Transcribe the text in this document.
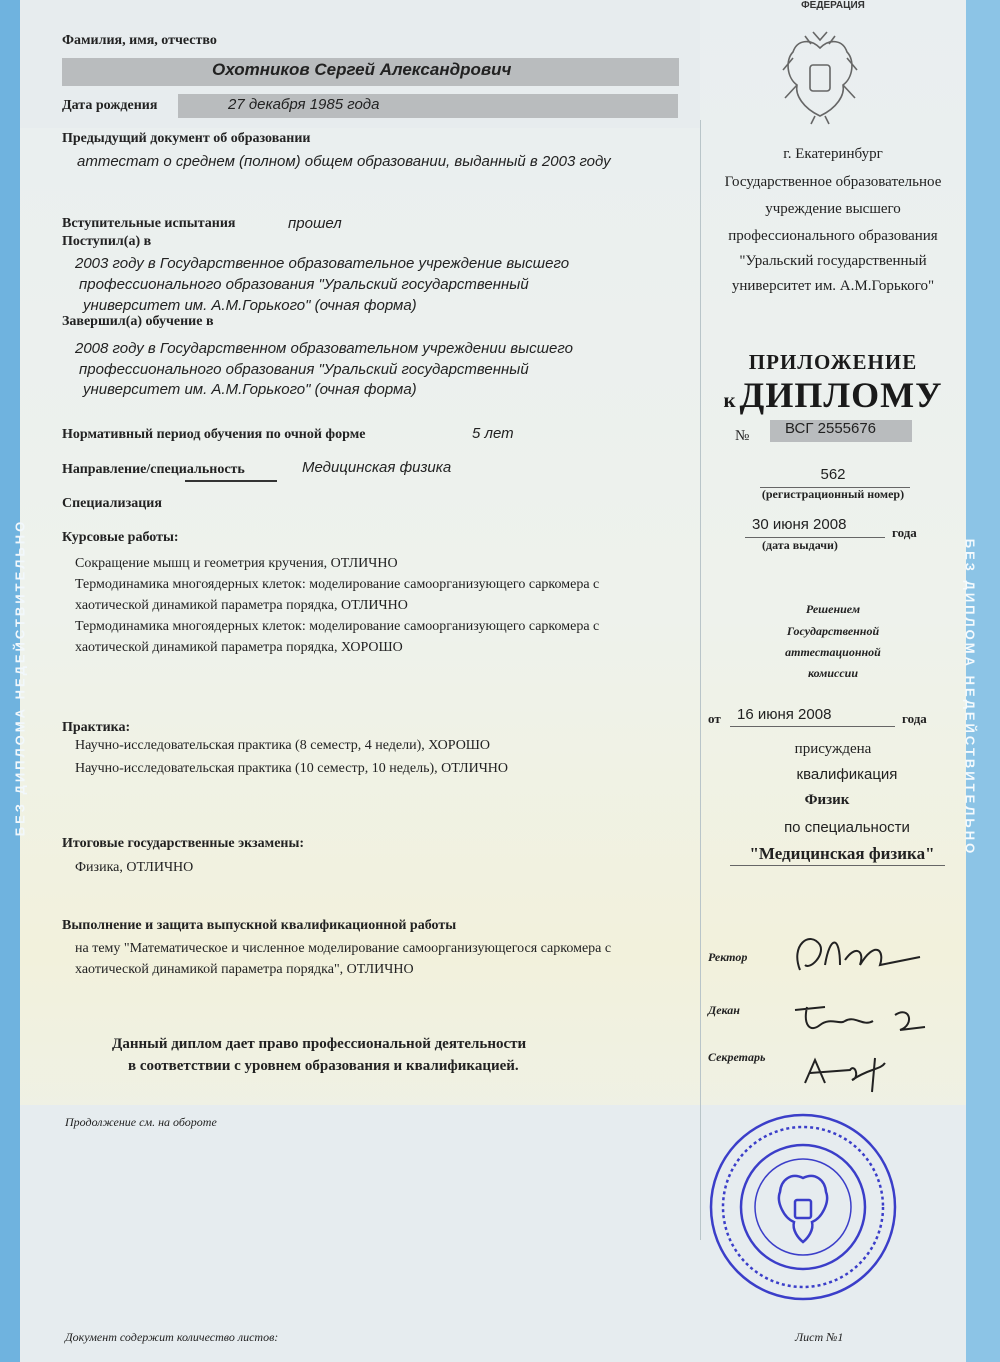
БЕЗ ДИПЛОМА НЕДЕЙСТВИТЕЛЬНО	БЕЗ ДИПЛОМА НЕДЕЙСТВИТЕЛЬНО
ФЕДЕРАЦИЯ
г. Екатеринбург
Государственное образовательное
учреждение высшего
профессионального образования
"Уральский государственный
университет им. А.М.Горького"
ПРИЛОЖЕНИЕ
к ДИПЛОМУ
№ ВСГ 2555676
562
(регистрационный номер)
30 июня 2008	года
(дата выдачи)
Решением
Государственной
аттестационной
комиссии
от 16 июня 2008	года
присуждена
квалификация
Физик
по специальности
"Медицинская физика"
Ректор
Декан
Секретарь
Фамилия, имя, отчество
Охотников Сергей Александрович
Дата рождения	27 декабря 1985 года
Предыдущий документ об образовании
аттестат о среднем (полном) общем образовании, выданный в 2003 году
Вступительные испытания	прошел
Поступил(а) в
2003 году в Государственное образовательное учреждение высшего
профессионального образования "Уральский государственный
университет им. А.М.Горького" (очная форма)
Завершил(а) обучение в
2008 году в Государственном образовательном учреждении высшего
профессионального образования "Уральский государственный
университет им. А.М.Горького" (очная форма)
Нормативный период обучения по очной форме	5 лет
Направление/специальность	Медицинская физика
Специализация
Курсовые работы:
Сокращение мышц и геометрия кручения, ОТЛИЧНО
Термодинамика многоядерных клеток: моделирование самоорганизующего саркомера с
хаотической динамикой параметра порядка, ОТЛИЧНО
Термодинамика многоядерных клеток: моделирование самоорганизующего саркомера с
хаотической динамикой параметра порядка, ХОРОШО
Практика:
Научно-исследовательская практика (8 семестр, 4 недели), ХОРОШО
Научно-исследовательская практика (10 семестр, 10 недель), ОТЛИЧНО
Итоговые государственные экзамены:
Физика, ОТЛИЧНО
Выполнение и защита выпускной квалификационной работы
на тему "Математическое и численное моделирование самоорганизующегося саркомера с
хаотической динамикой параметра порядка", ОТЛИЧНО
Данный диплом дает право профессиональной деятельности
в соответствии с уровнем образования и квалификацией.
Продолжение см. на обороте
Документ содержит количество листов:	Лист №1
